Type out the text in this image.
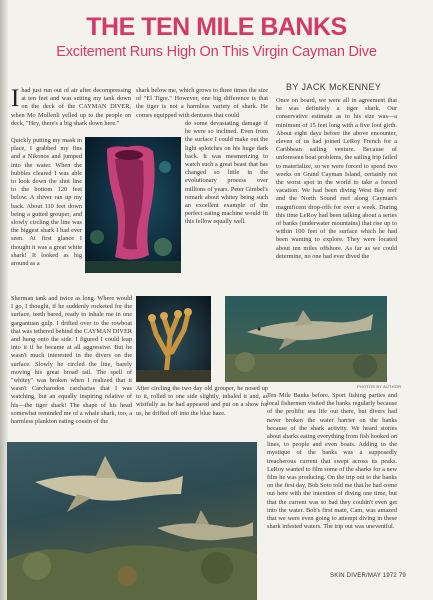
THE TEN MILE BANKS
Excitement Runs High On This Virgin Cayman Dive
BY JACK McKENNEY

Ihad just run out of air after decompressing at ten feet and was setting my tank down on the deck of the CAYMAN DIVER, when Mo Mollenli yelled up to the people on deck, "Hey, there's a big shark down here."

Quickly putting my mask in place, I grabbed my fins and a Nikonos and jumped into the water. When the bubbles cleared I was able to look down the shot line to the bottom 120 feet below. A shiver ran up my back. About 110 feet down being a gutted grouper, and slowly circling the line was the biggest shark I had ever seen. At first glance I thought it was a great white shark! It looked as big around as a

Sherman tank and twice as long. Where would I go, I thought, if he suddenly rocketed for the surface, teeth bared, ready to inhale me in one gargantuan gulp. I drifted over to the rowboat that was tethered behind the CAYMAN DIVER and hung onto the side. I figured I could leap into it if he became at all aggressive. But he wasn't much interested in the divers on the surface. Slowly he circled the line, barely moving his great broad tail. The spell of "whitey" was broken when I realized that it wasn't Carcharodon carcharias that I was watching, but an equally inspiring relative of his—the tiger shark! The shape of his head somewhat reminded me of a whale shark, too, a harmless plankton eating cousin of the

shark below me, which grows to three times the size of "El Tigre." However, one big difference is that the tiger is not a harmless variety of shark. He comes equipped with dentures that could

do some devastating damage if he were so inclined. Even from the surface I could make out the light splotches on his huge dark back. It was mesmerizing to watch such a great beast that has changed so little in the evolutionary process over millions of years. Peter Gimbel's remark about whitey being such an excellent example of the perfect eating machine would fit this fellow equally well.

After circling the two day old grouper, he nosed up to it, rolled to one side slightly, inhaled it and, as wistfully as he had appeared and put on a show for us, he drifted off into the blue haze.

Once on board, we were all in agreement that he was definitely a tiger shark. Our conservative estimate as to his size was—a minimum of 15 feet long with a five foot girth. About eight days before the above encounter, eleven of us had joined LeRoy French for a Caribbean sailing venture. Because of unforeseen boat problems, the sailing trip failed to materialize, so we were forced to spend two weeks on Grand Cayman Island, certainly not the worst spot in the world to take a forced vacation. We had been diving West Bay reef and the North Sound reef along Cayman's magnificent drop-offs for over a week. During this time LeRoy had been talking about a series of banks (underwater mountains) that rise up to within 100 feet of the surface which he had been wanting to explore. They were located about ten miles offshore. As far as we could determine, no one had ever dived the

Ten Mile Banks before. Sport fishing parties and local fishermen visited the banks regularly because of the prolific sea life out there, but divers had never broken the water barrier on the banks because of the shark activity. We heard stories about sharks eating everything from fish hooked on lines, to people and even boats. Adding to the mystique of the banks was a supposedly treacherous current that swept across its peaks. LeRoy wanted to film some of the sharks for a new film he was producing. On the trip out to the banks on the first day, Bob Soto told me that he had come out here with the intention of diving one time, but that the current was so bad they couldn't even get into the water. Bob's first mate, Cam, was amazed that we were even going to attempt diving in these shark infested waters. The trip out was uneventful.

PHOTOS BY AUTHOR
SKIN DIVER/MAY 1972 79
